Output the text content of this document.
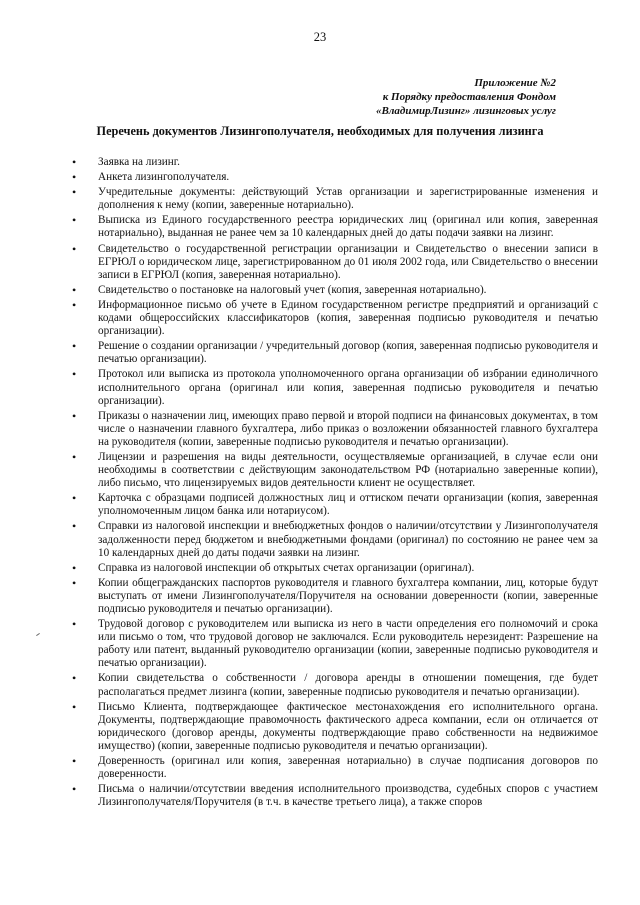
23
Приложение №2
к Порядку предоставления Фондом
«ВладимирЛизинг» лизинговых услуг
Перечень документов Лизингополучателя, необходимых для получения лизинга
• Заявка на лизинг.
• Анкета лизингополучателя.
• Учредительные документы: действующий Устав организации и зарегистрированные изменения и дополнения к нему (копии, заверенные нотариально).
• Выписка из Единого государственного реестра юридических лиц (оригинал или копия, заверенная нотариально), выданная не ранее чем за 10 календарных дней до даты подачи заявки на лизинг.
• Свидетельство о государственной регистрации организации и Свидетельство о внесении записи в ЕГРЮЛ о юридическом лице, зарегистрированном до 01 июля 2002 года, или Свидетельство о внесении записи в ЕГРЮЛ (копия, заверенная нотариально).
• Свидетельство о постановке на налоговый учет (копия, заверенная нотариально).
• Информационное письмо об учете в Едином государственном регистре предприятий и организаций с кодами общероссийских классификаторов (копия, заверенная подписью руководителя и печатью организации).
• Решение о создании организации / учредительный договор (копия, заверенная подписью руководителя и печатью организации).
• Протокол или выписка из протокола уполномоченного органа организации об избрании единоличного исполнительного органа (оригинал или копия, заверенная подписью руководителя и печатью организации).
• Приказы о назначении лиц, имеющих право первой и второй подписи на финансовых документах, в том числе о назначении главного бухгалтера, либо приказ о возложении обязанностей главного бухгалтера на руководителя (копии, заверенные подписью руководителя и печатью организации).
• Лицензии и разрешения на виды деятельности, осуществляемые организацией, в случае если они необходимы в соответствии с действующим законодательством РФ (нотариально заверенные копии), либо письмо, что лицензируемых видов деятельности клиент не осуществляет.
• Карточка с образцами подписей должностных лиц и оттиском печати организации (копия, заверенная уполномоченным лицом банка или нотариусом).
• Справки из налоговой инспекции и внебюджетных фондов о наличии/отсутствии у Лизингополучателя задолженности перед бюджетом и внебюджетными фондами (оригинал) по состоянию не ранее чем за 10 календарных дней до даты подачи заявки на лизинг.
• Справка из налоговой инспекции об открытых счетах организации (оригинал).
• Копии общегражданских паспортов руководителя и главного бухгалтера компании, лиц, которые будут выступать от имени Лизингополучателя/Поручителя на основании доверенности (копии, заверенные подписью руководителя и печатью организации).
• Трудовой договор с руководителем или выписка из него в части определения его полномочий и срока или письмо о том, что трудовой договор не заключался. Если руководитель нерезидент: Разрешение на работу или патент, выданный руководителю организации (копии, заверенные подписью руководителя и печатью организации).
• Копии свидетельства о собственности / договора аренды в отношении помещения, где будет располагаться предмет лизинга (копии, заверенные подписью руководителя и печатью организации).
• Письмо Клиента, подтверждающее фактическое местонахождения его исполнительного органа. Документы, подтверждающие правомочность фактического адреса компании, если он отличается от юридического (договор аренды, документы подтверждающие право собственности на недвижимое имущество) (копии, заверенные подписью руководителя и печатью организации).
• Доверенность (оригинал или копия, заверенная нотариально) в случае подписания договоров по доверенности.
• Письма о наличии/отсутствии введения исполнительного производства, судебных споров с участием Лизингополучателя/Поручителя (в т.ч. в качестве третьего лица), а также споров
